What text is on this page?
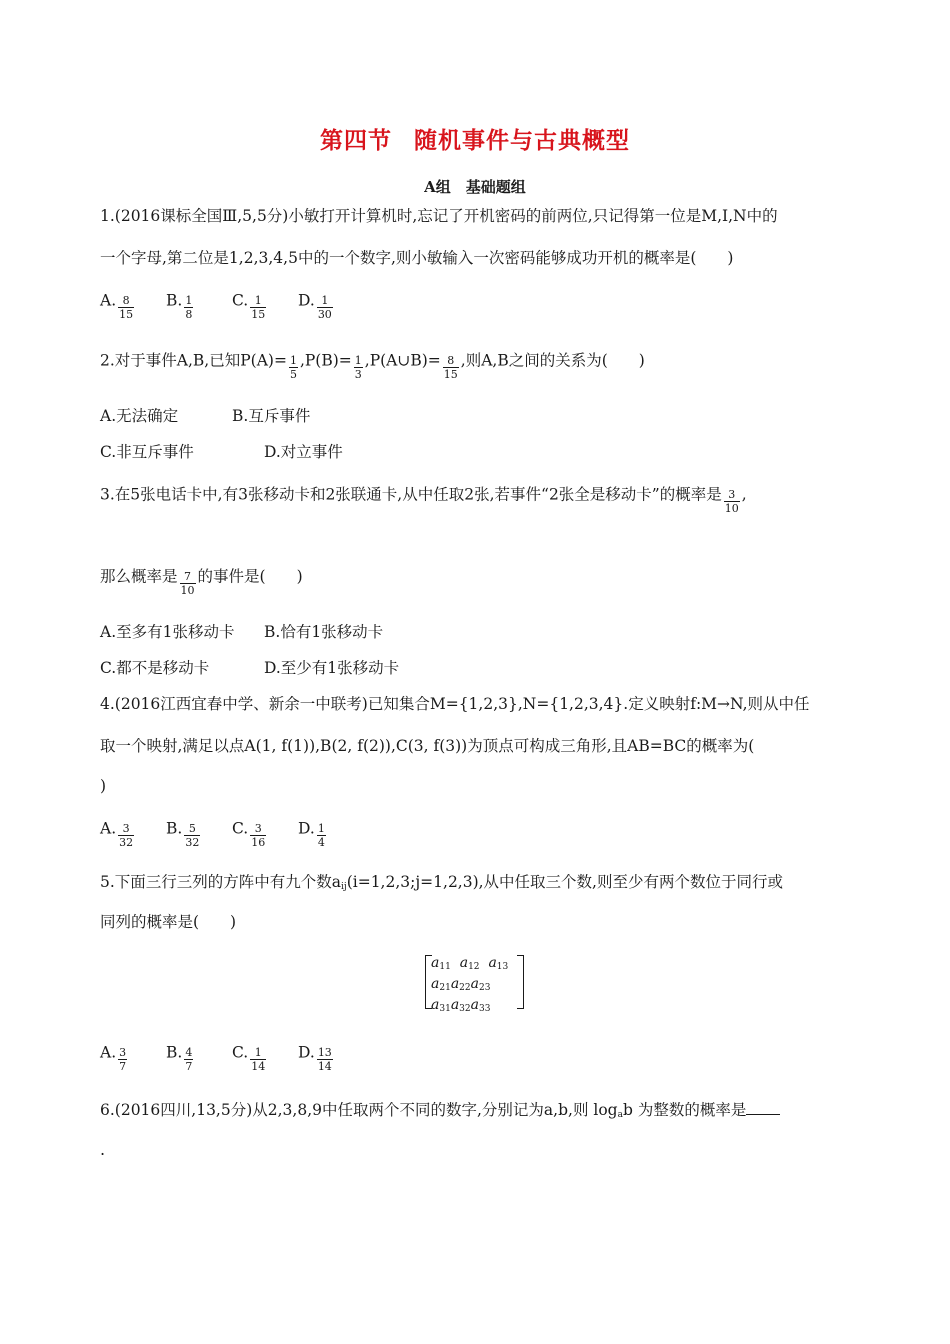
第四节 随机事件与古典概型
A组　基础题组
1.(2016课标全国Ⅲ,5,5分)小敏打开计算机时,忘记了开机密码的前两位,只记得第一位是M,I,N中的
一个字母,第二位是1,2,3,4,5中的一个数字,则小敏输入一次密码能够成功开机的概率是(　　)
A. $\frac{8}{15} B$. $\frac{1}{8} C$. $\frac{1}{15} D$. $\frac{1}{30}$
2.对于事件A,B,已知$P(A)= \frac{1}{5} ,P(B)= \frac{1}{3}$ ,P(A∪B)= $\frac{8}{15}$ ,则A,B之间的关系为(　　)
A.无法确定	B.互斥事件
C.非互斥事件	D.对立事件
3.在5张电话卡中,有3张移动卡和2张联通卡,从中任取2张,若事件“2张全是移动卡”的概率是 $\frac{3}{10}$ ,
那么概率是 $\frac{7}{10}$ 的事件是(　　)
A.至多有1张移动卡 B.恰有1张移动卡
C.都不是移动卡	D.至少有1张移动卡
4.(2016江西宜春中学、新余一中联考)已知集合M={1,2,3},N={1,2,3,4}.定义映射f:M→N,则从中任
取一个映射,满足以点A(1, f(1)),B(2, f(2)),C(3, f(3))为顶点可构成三角形,且AB=BC的概率为(
)
A. $\frac{3}{32} B$. $\frac{5}{32} C$. $\frac{3}{16} D$. $\frac{1}{4}$
5.下面三行三列的方阵中有九个数$a_{ij}(i=1,2,3;j=1,2,3)$,从中任取三个数,则至少有两个数位于同行或
同列的概率是(　　)
$a_{11}$ $a_{12}$ $a_{13}$
$a_{21}a_{22}a_{23}$
$a_{31}a_{32}a_{33}$
A. $\frac{3}{7}$	B. $\frac{4}{7} C$. $\frac{1}{14} D$. $\frac{13}{14}$
6.(2016四川,13,5分)从2,3,8,9中任取两个不同的数字,分别记为a,b,则 $\log_ab$ 为整数的概率是
.
